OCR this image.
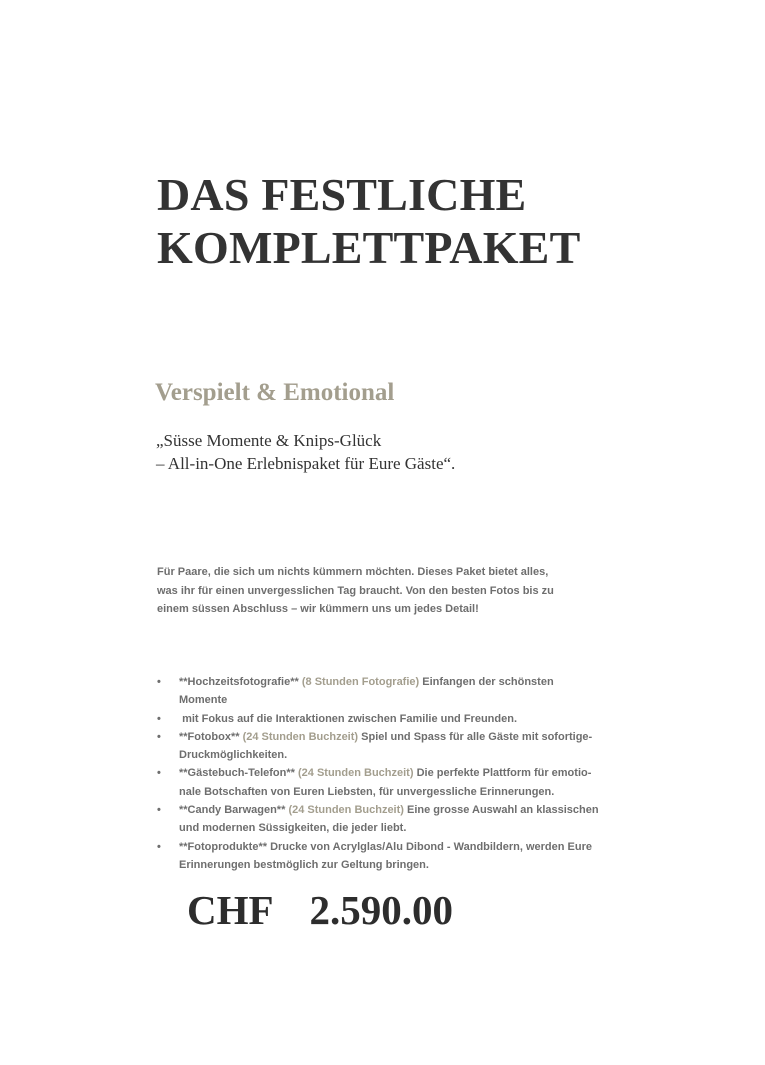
DAS FESTLICHE
KOMPLETTPAKET
Verspielt & Emotional

„Süsse Momente & Knips-Glück
– All-in-One Erlebnispaket für Eure Gäste“.

Für Paare, die sich um nichts kümmern möchten. Dieses Paket bietet alles,
was ihr für einen unvergesslichen Tag braucht. Von den besten Fotos bis zu
einem süssen Abschluss – wir kümmern uns um jedes Detail!

• **Hochzeitsfotografie** (8 Stunden Fotografie) Einfangen der schönsten
Momente
• mit Fokus auf die Interaktionen zwischen Familie und Freunden.
• **Fotobox** (24 Stunden Buchzeit) Spiel und Spass für alle Gäste mit sofortige-
Druckmöglichkeiten.
• **Gästebuch-Telefon** (24 Stunden Buchzeit) Die perfekte Plattform für emotio-
nale Botschaften von Euren Liebsten, für unvergessliche Erinnerungen.
• **Candy Barwagen** (24 Stunden Buchzeit) Eine grosse Auswahl an klassischen
und modernen Süssigkeiten, die jeder liebt.
• **Fotoprodukte** Drucke von Acrylglas/Alu Dibond - Wandbildern, werden Eure
Erinnerungen bestmöglich zur Geltung bringen.
CHF 2.590.00
